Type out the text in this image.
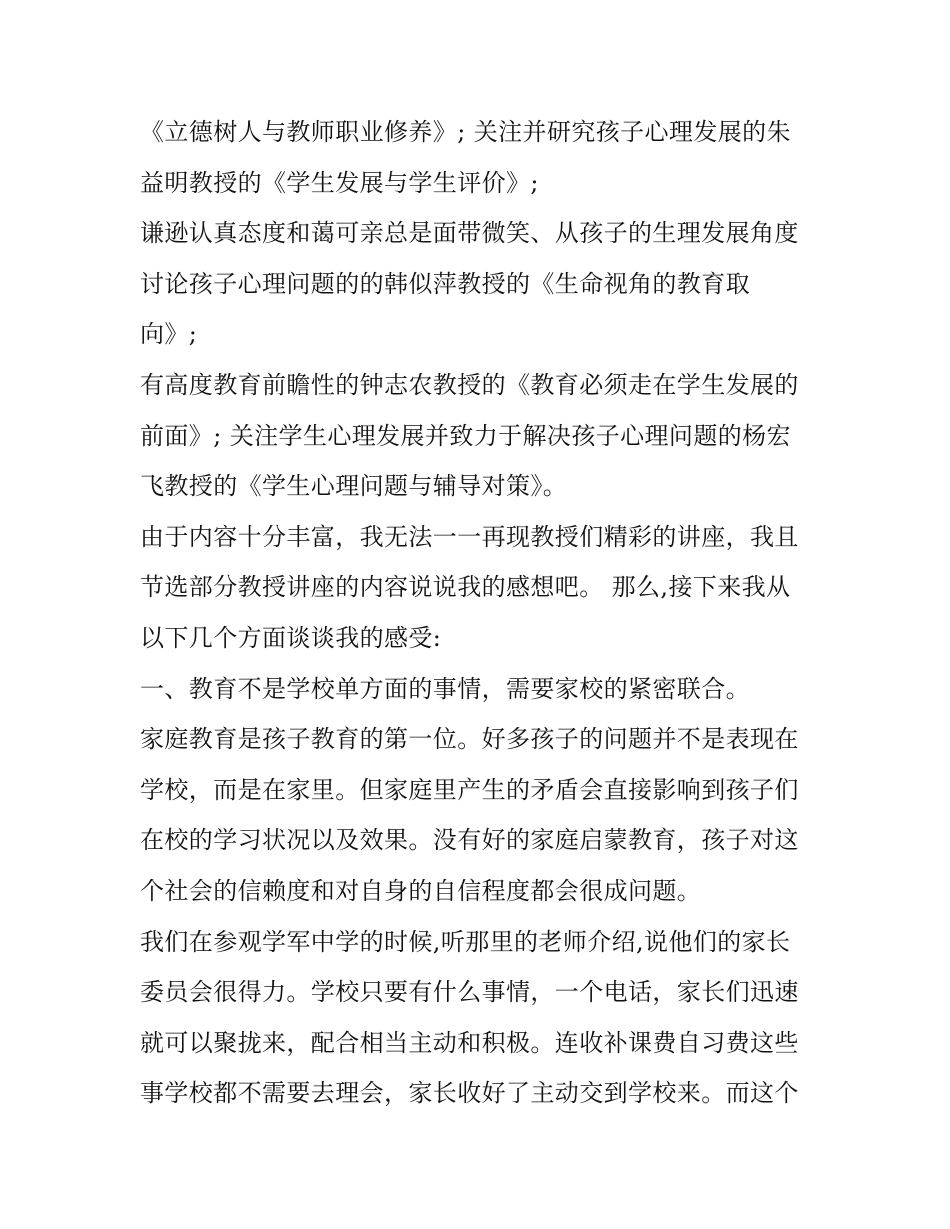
《立德树人与教师职业修养》; 关注并研究孩子心理发展的朱
益明教授的《学生发展与学生评价》;
谦逊认真态度和蔼可亲总是面带微笑、从孩子的生理发展角度
讨论孩子心理问题的的韩似萍教授的《生命视角的教育取
向》;
有高度教育前瞻性的钟志农教授的《教育必须走在学生发展的
前面》; 关注学生心理发展并致力于解决孩子心理问题的杨宏
飞教授的《学生心理问题与辅导对策》。
由于内容十分丰富，我无法一一再现教授们精彩的讲座，我且
节选部分教授讲座的内容说说我的感想吧。 那么,接下来我从
以下几个方面谈谈我的感受:
一、教育不是学校单方面的事情，需要家校的紧密联合。
家庭教育是孩子教育的第一位。好多孩子的问题并不是表现在
学校，而是在家里。但家庭里产生的矛盾会直接影响到孩子们
在校的学习状况以及效果。没有好的家庭启蒙教育，孩子对这
个社会的信赖度和对自身的自信程度都会很成问题。
我们在参观学军中学的时候,听那里的老师介绍,说他们的家长
委员会很得力。学校只要有什么事情，一个电话，家长们迅速
就可以聚拢来，配合相当主动和积极。连收补课费自习费这些
事学校都不需要去理会，家长收好了主动交到学校来。而这个
